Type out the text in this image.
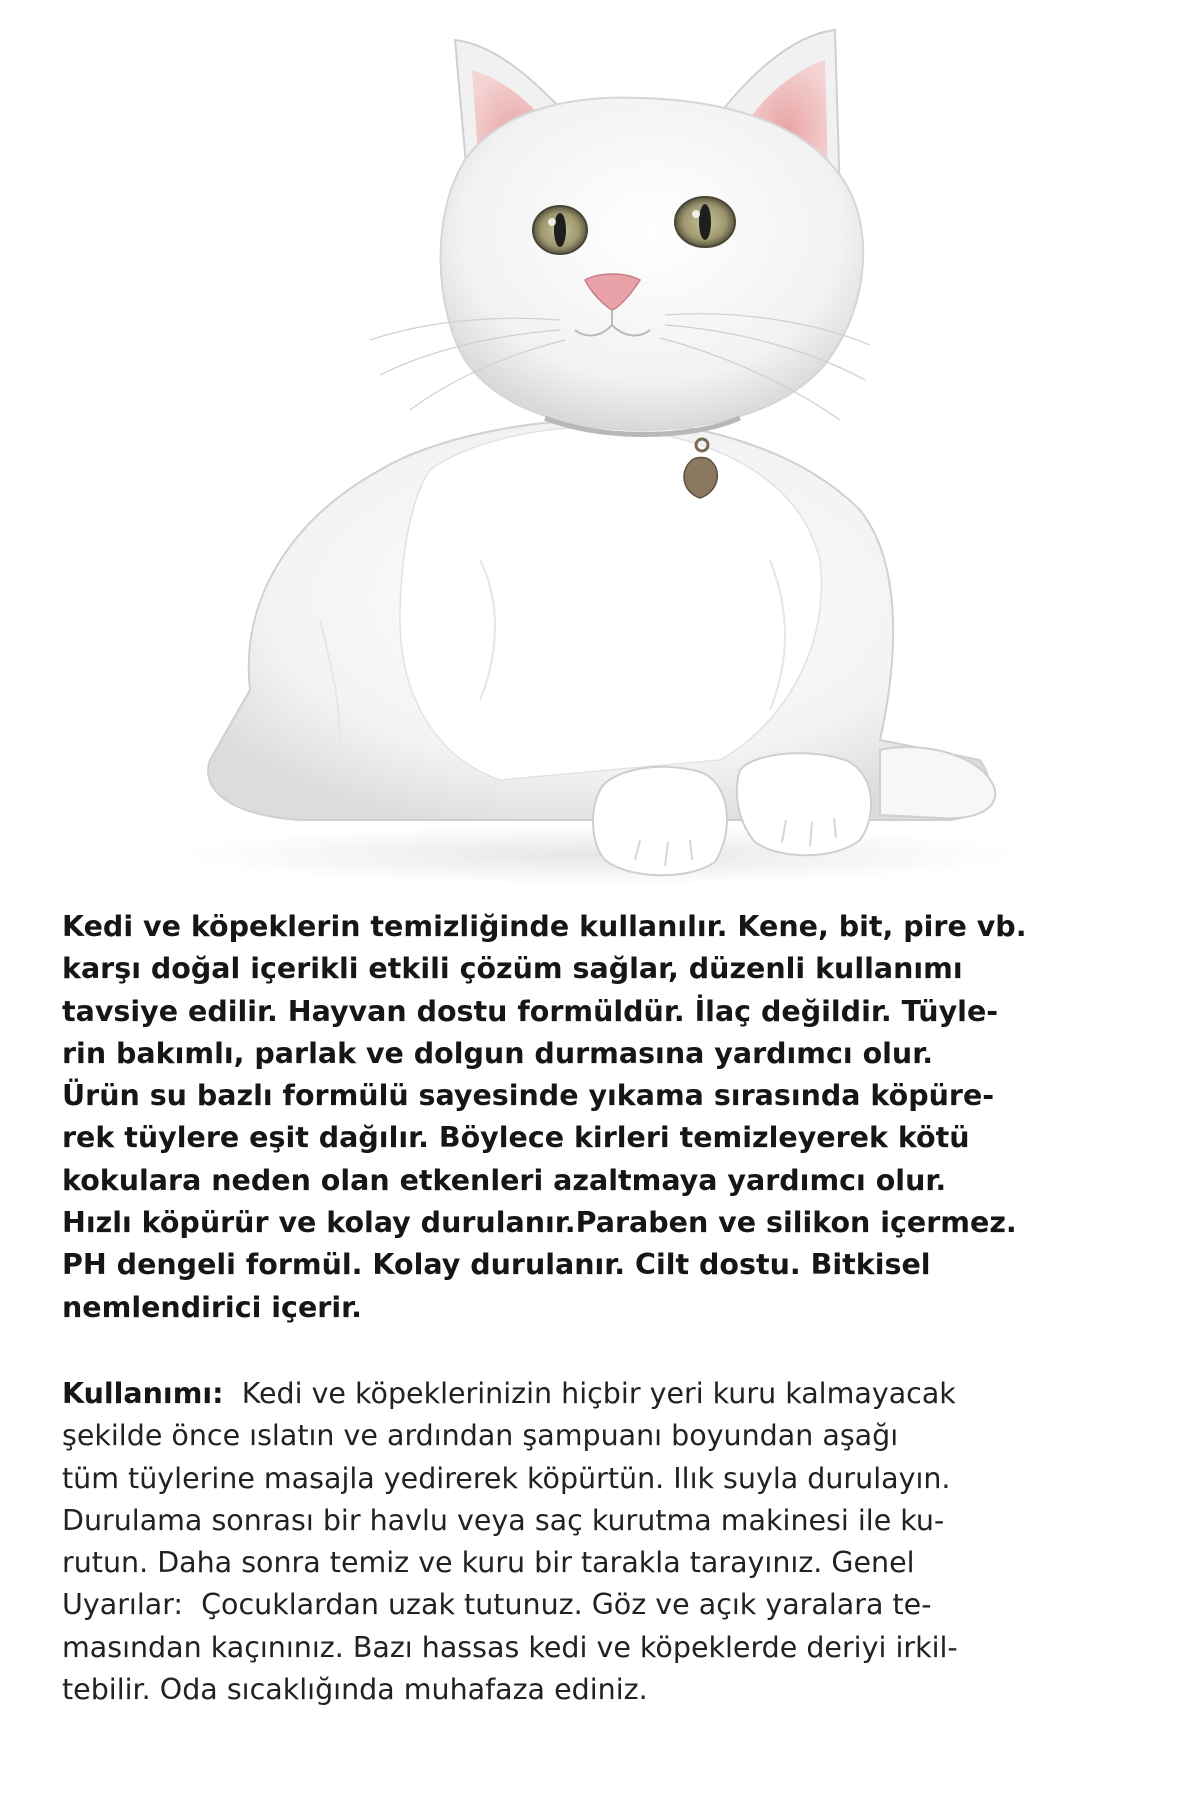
Kedi ve köpeklerin temizliğinde kullanılır. Kene, bit, pire vb.
karşı doğal içerikli etkili çözüm sağlar, düzenli kullanımı
tavsiye edilir. Hayvan dostu formüldür. İlaç değildir. Tüyle-
rin bakımlı, parlak ve dolgun durmasına yardımcı olur.
Ürün su bazlı formülü sayesinde yıkama sırasında köpüre-
rek tüylere eşit dağılır. Böylece kirleri temizleyerek kötü
kokulara neden olan etkenleri azaltmaya yardımcı olur.
Hızlı köpürür ve kolay durulanır.Paraben ve silikon içermez.
PH dengeli formül. Kolay durulanır. Cilt dostu. Bitkisel
nemlendirici içerir.

Kullanımı:  Kedi ve köpeklerinizin hiçbir yeri kuru kalmayacak
şekilde önce ıslatın ve ardından şampuanı boyundan aşağı
tüm tüylerine masajla yedirerek köpürtün. Ilık suyla durulayın.
Durulama sonrası bir havlu veya saç kurutma makinesi ile ku-
rutun. Daha sonra temiz ve kuru bir tarakla tarayınız. Genel
Uyarılar:  Çocuklardan uzak tutunuz. Göz ve açık yaralara te-
masından kaçınınız. Bazı hassas kedi ve köpeklerde deriyi irkil-
tebilir. Oda sıcaklığında muhafaza ediniz.
